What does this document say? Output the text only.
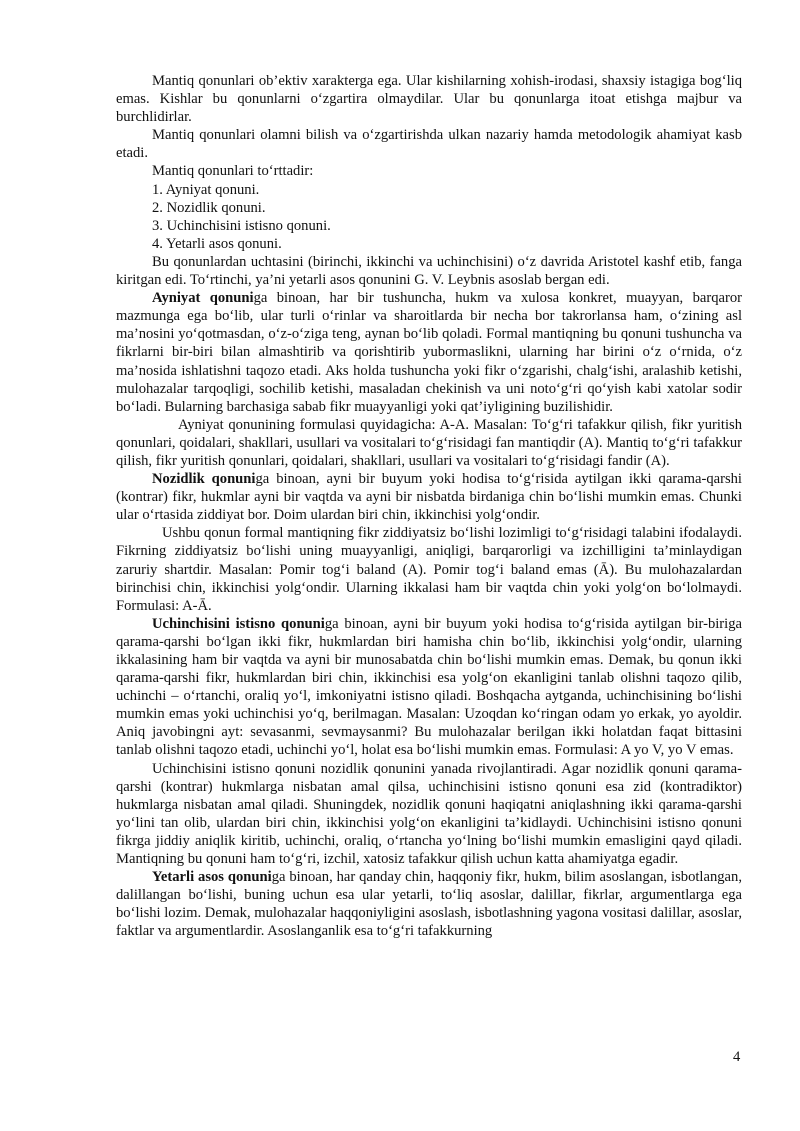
Mantiq qonunlari ob’ektiv xarakterga ega. Ular kishilarning xohish-irodasi, shaxsiy istagiga bog‘liq emas. Kishlar bu qonunlarni o‘zgartira olmaydilar. Ular bu qonunlarga itoat etishga majbur va burchlidirlar.

Mantiq qonunlari olamni bilish va o‘zgartirishda ulkan nazariy hamda metodologik ahamiyat kasb etadi.

Mantiq qonunlari to‘rttadir:

1. Ayniyat qonuni.

2. Nozidlik qonuni.

3. Uchinchisini istisno qonuni.

4. Yetarli asos qonuni.

Bu qonunlardan uchtasini (birinchi, ikkinchi va uchinchisini) o‘z davrida Aristotel kashf etib, fanga kiritgan edi. To‘rtinchi, ya’ni yetarli asos qonunini G. V. Leybnis asoslab bergan edi.

Ayniyat qonuniga binoan, har bir tushuncha, hukm va xulosa konkret, muayyan, barqaror mazmunga ega bo‘lib, ular turli o‘rinlar va sharoitlarda bir necha bor takrorlansa ham, o‘zining asl ma’nosini yo‘qotmasdan, o‘z-o‘ziga teng, aynan bo‘lib qoladi. Formal mantiqning bu qonuni tushuncha va fikrlarni bir-biri bilan almashtirib va qorishtirib yubormaslikni, ularning har birini o‘z o‘rnida, o‘z ma’nosida ishlatishni taqozo etadi. Aks holda tushuncha yoki fikr o‘zgarishi, chalg‘ishi, aralashib ketishi, mulohazalar tarqoqligi, sochilib ketishi, masaladan chekinish va uni noto‘g‘ri qo‘yish kabi xatolar sodir bo‘ladi. Bularning barchasiga sabab fikr muayyanligi yoki qat’iyligining buzilishidir.

Ayniyat qonunining formulasi quyidagicha: A-A. Masalan: To‘g‘ri tafakkur qilish, fikr yuritish qonunlari, qoidalari, shakllari, usullari va vositalari to‘g‘risidagi fan mantiqdir (A). Mantiq to‘g‘ri tafakkur qilish, fikr yuritish qonunlari, qoidalari, shakllari, usullari va vositalari to‘g‘risidagi fandir (A).

Nozidlik qonuniga binoan, ayni bir buyum yoki hodisa to‘g‘risida aytilgan ikki qarama-qarshi (kontrar) fikr, hukmlar ayni bir vaqtda va ayni bir nisbatda birdaniga chin bo‘lishi mumkin emas. Chunki ular o‘rtasida ziddiyat bor. Doim ulardan biri chin, ikkinchisi yolg‘ondir.

Ushbu qonun formal mantiqning fikr ziddiyatsiz bo‘lishi lozimligi to‘g‘risidagi talabini ifodalaydi. Fikrning ziddiyatsiz bo‘lishi uning muayyanligi, aniqligi, barqarorligi va izchilligini ta’minlaydigan zaruriy shartdir. Masalan: Pomir tog‘i baland (A). Pomir tog‘i baland emas (Ā). Bu mulohazalardan birinchisi chin, ikkinchisi yolg‘ondir. Ularning ikkalasi ham bir vaqtda chin yoki yolg‘on bo‘lolmaydi. Formulasi: A-Ā.

Uchinchisini istisno qonuniga binoan, ayni bir buyum yoki hodisa to‘g‘risida aytilgan bir-biriga qarama-qarshi bo‘lgan ikki fikr, hukmlardan biri hamisha chin bo‘lib, ikkinchisi yolg‘ondir, ularning ikkalasining ham bir vaqtda va ayni bir munosabatda chin bo‘lishi mumkin emas. Demak, bu qonun ikki qarama-qarshi fikr, hukmlardan biri chin, ikkinchisi esa yolg‘on ekanligini tanlab olishni taqozo qilib, uchinchi – o‘rtanchi, oraliq yo‘l, imkoniyatni istisno qiladi. Boshqacha aytganda, uchinchisining bo‘lishi mumkin emas yoki uchinchisi yo‘q, berilmagan. Masalan: Uzoqdan ko‘ringan odam yo erkak, yo ayoldir. Aniq javobingni ayt: sevasanmi, sevmaysanmi? Bu mulohazalar berilgan ikki holatdan faqat bittasini tanlab olishni taqozo etadi, uchinchi yo‘l, holat esa bo‘lishi mumkin emas. Formulasi: A yo V, yo V emas.

Uchinchisini istisno qonuni nozidlik qonunini yanada rivojlantiradi. Agar nozidlik qonuni qarama-qarshi (kontrar) hukmlarga nisbatan amal qilsa, uchinchisini istisno qonuni esa zid (kontradiktor) hukmlarga nisbatan amal qiladi. Shuningdek, nozidlik qonuni haqiqatni aniqlashning ikki qarama-qarshi yo‘lini tan olib, ulardan biri chin, ikkinchisi yolg‘on ekanligini ta’kidlaydi. Uchinchisini istisno qonuni fikrga jiddiy aniqlik kiritib, uchinchi, oraliq, o‘rtancha yo‘lning bo‘lishi mumkin emasligini qayd qiladi. Mantiqning bu qonuni ham to‘g‘ri, izchil, xatosiz tafakkur qilish uchun katta ahamiyatga egadir.

Yetarli asos qonuniga binoan, har qanday chin, haqqoniy fikr, hukm, bilim asoslangan, isbotlangan, dalillangan bo‘lishi, buning uchun esa ular yetarli, to‘liq asoslar, dalillar, fikrlar, argumentlarga ega bo‘lishi lozim. Demak, mulohazalar haqqoniyligini asoslash, isbotlashning yagona vositasi dalillar, asoslar, faktlar va argumentlardir. Asoslanganlik esa to‘g‘ri tafakkurning

4
